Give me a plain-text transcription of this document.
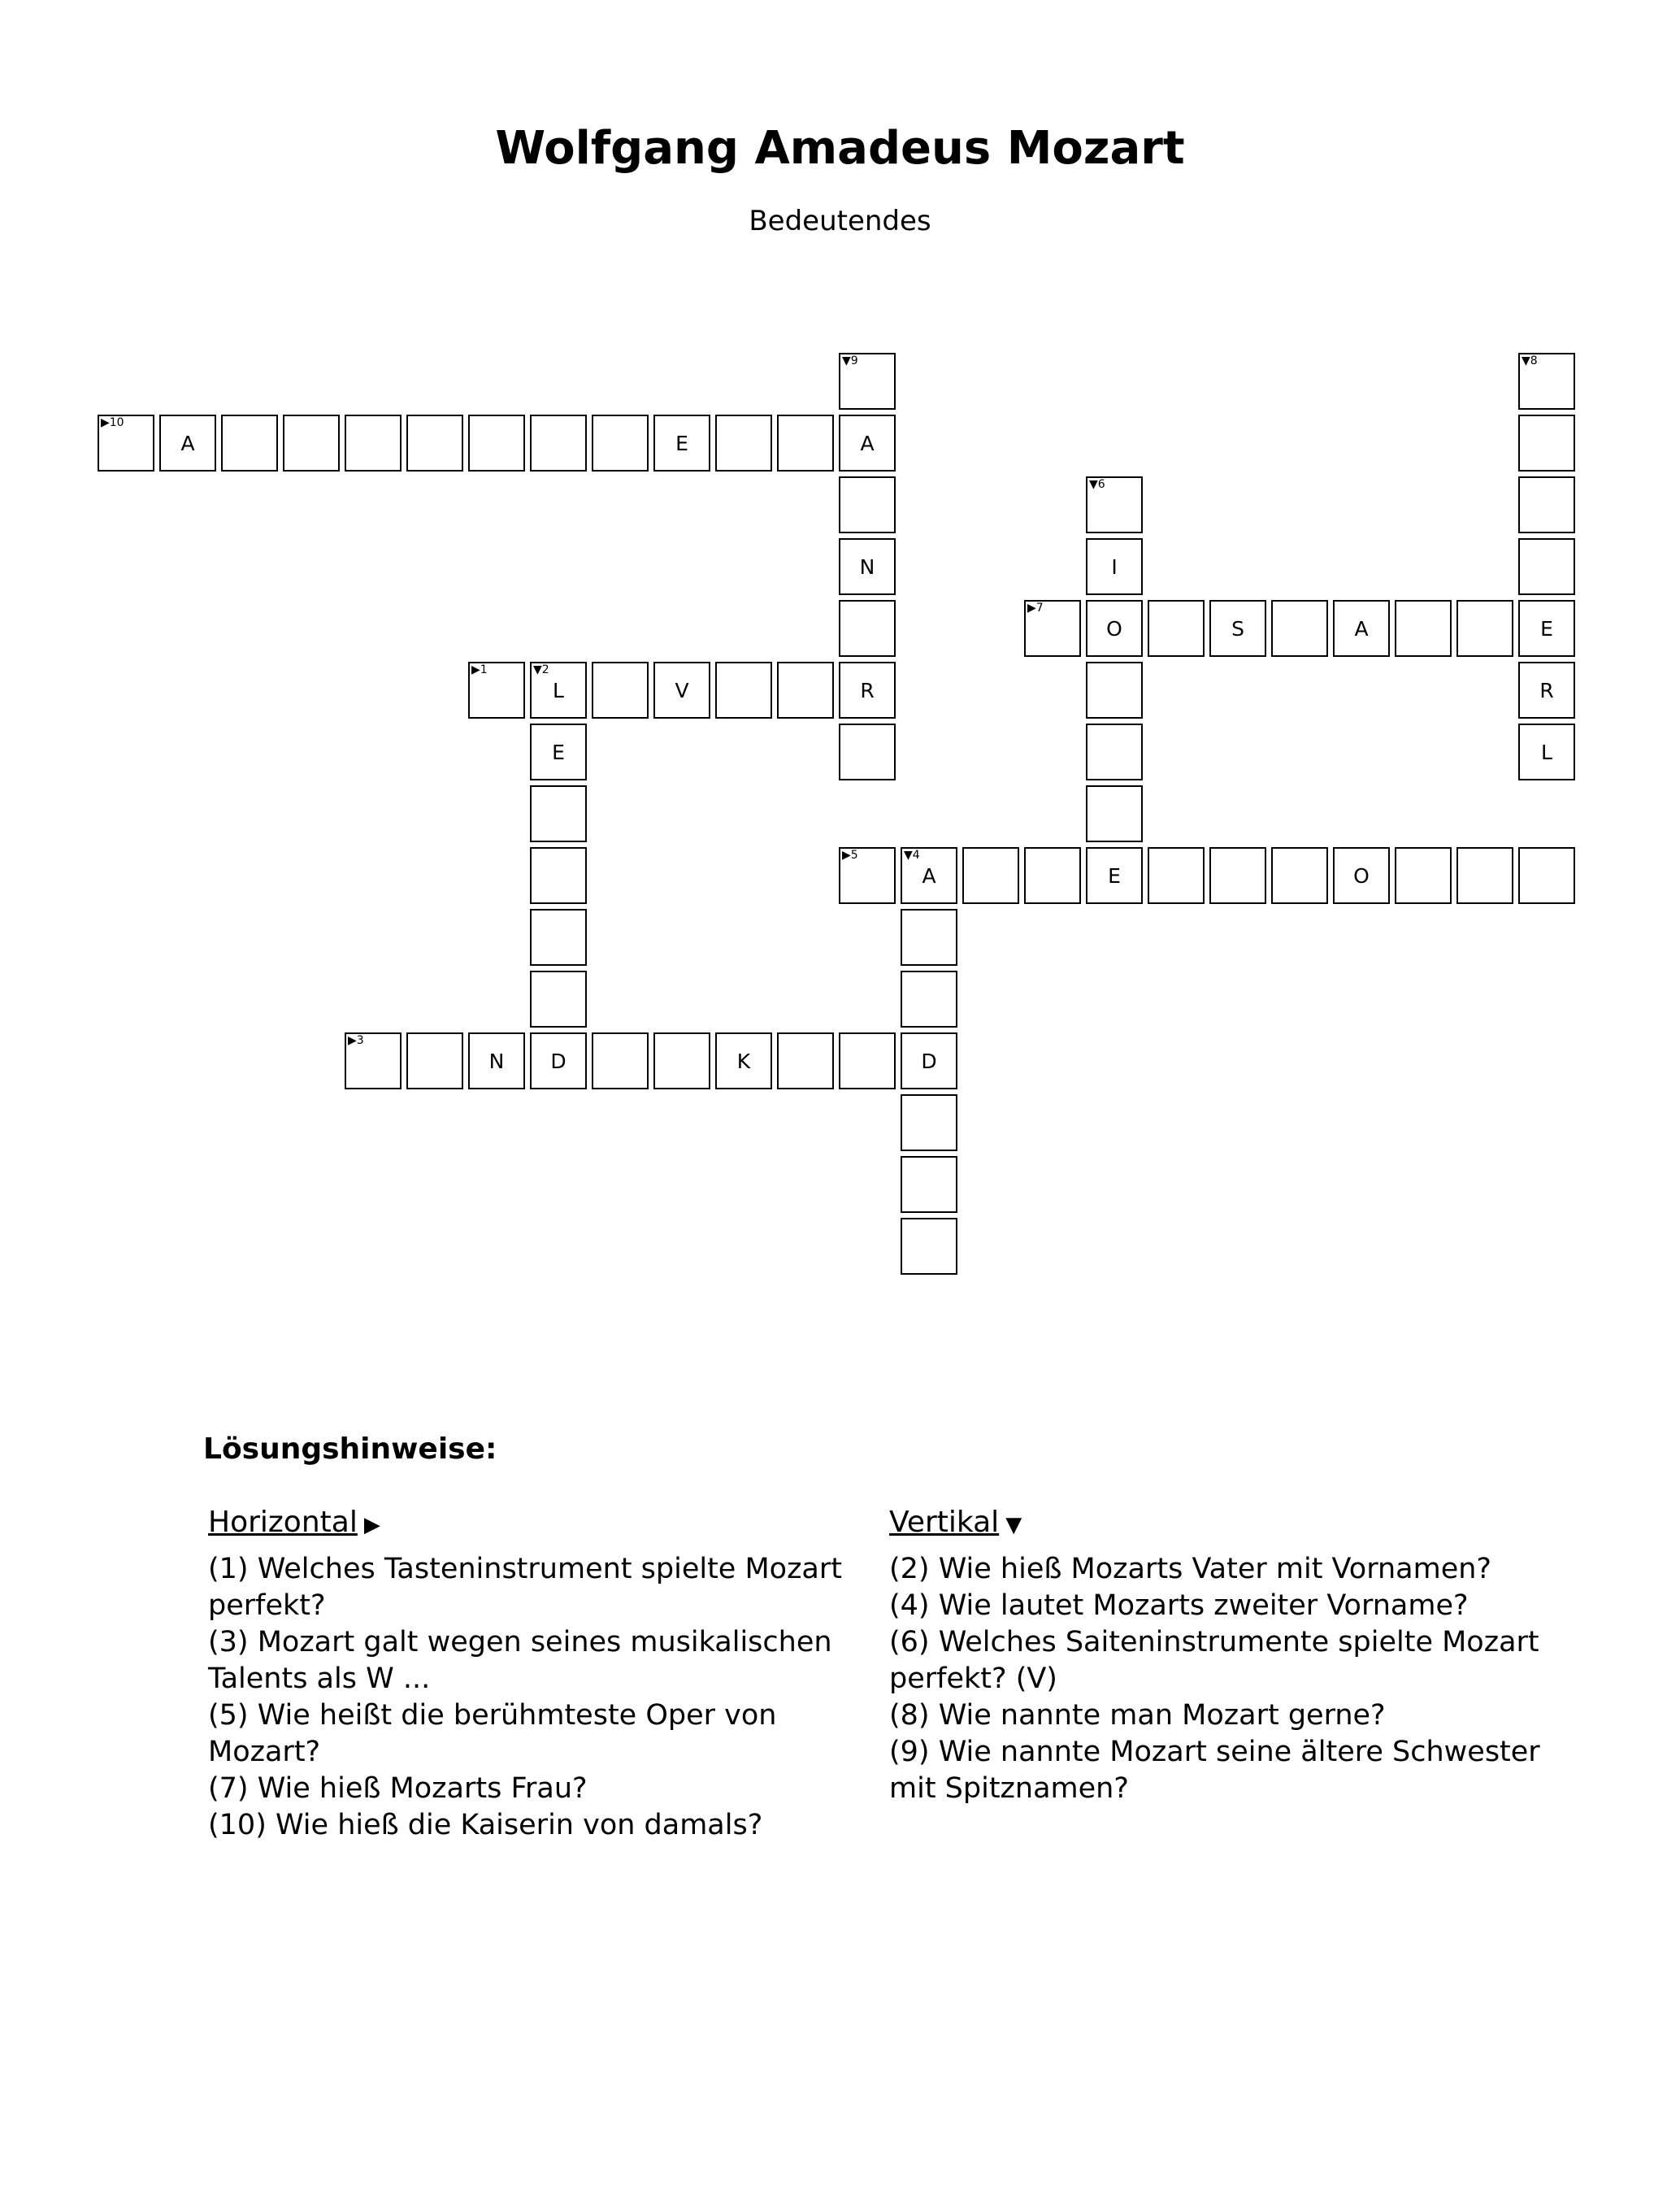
Wolfgang Amadeus Mozart
Bedeutendes
▼9	▼8
▶10
A	E	A
▼6
N	I
▶7
O	S	A	E
▶1	▼2
L	V	R	R
E	L
▶5	▼4
A	E	O
▶3
N	D	K	D
Lösungshinweise:
Horizontal ▶	Vertikal ▼
(1) Welches Tasteninstrument spielte Mozart perfekt?
(3) Mozart galt wegen seines musikalischen Talents als W ...
(5) Wie heißt die berühmteste Oper von Mozart?
(7) Wie hieß Mozarts Frau?
(10) Wie hieß die Kaiserin von damals?
(2) Wie hieß Mozarts Vater mit Vornamen?
(4) Wie lautet Mozarts zweiter Vorname?
(6) Welches Saiteninstrumente spielte Mozart perfekt? (V)
(8) Wie nannte man Mozart gerne?
(9) Wie nannte Mozart seine ältere Schwester mit Spitznamen?
